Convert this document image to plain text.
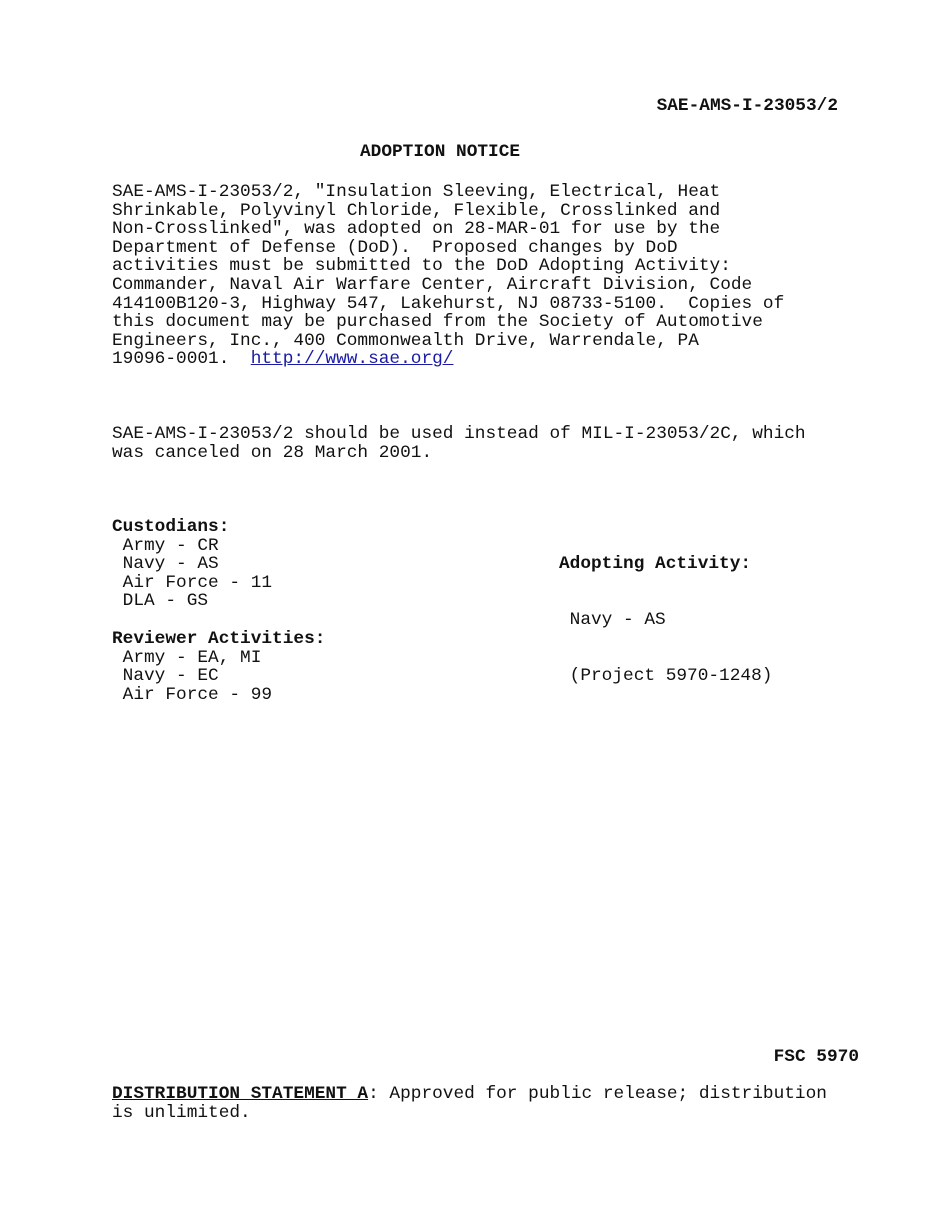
SAE-AMS-I-23053/2
ADOPTION NOTICE
SAE-AMS-I-23053/2, "Insulation Sleeving, Electrical, Heat
Shrinkable, Polyvinyl Chloride, Flexible, Crosslinked and
Non-Crosslinked", was adopted on 28-MAR-01 for use by the
Department of Defense (DoD).  Proposed changes by DoD
activities must be submitted to the DoD Adopting Activity:
Commander, Naval Air Warfare Center, Aircraft Division, Code
414100B120-3, Highway 547, Lakehurst, NJ 08733-5100.  Copies of
this document may be purchased from the Society of Automotive
Engineers, Inc., 400 Commonwealth Drive, Warrendale, PA
19096-0001.  http://www.sae.org/
SAE-AMS-I-23053/2 should be used instead of MIL-I-23053/2C, which
was canceled on 28 March 2001.
Custodians:
Army - CR
Navy - AS
Air Force - 11
DLA - GS

Adopting Activity:

Navy - AS

(Project 5970-1248)

Reviewer Activities:
Army - EA, MI
Navy - EC
Air Force - 99
FSC 5970
DISTRIBUTION STATEMENT A: Approved for public release; distribution
is unlimited.
